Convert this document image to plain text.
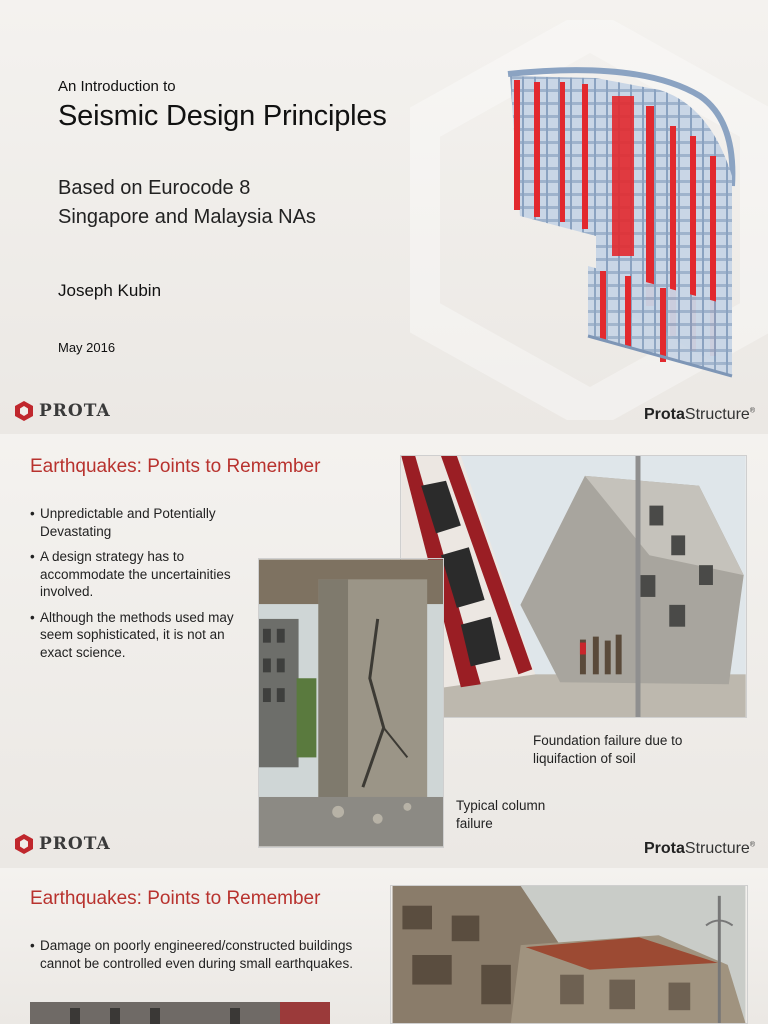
An Introduction to
Seismic Design Principles
Based on Eurocode 8
Singapore and Malaysia NAs
Joseph Kubin
May 2016
PROTA	ProtaStructure®
Earthquakes: Points to Remember
• Unpredictable and Potentially Devastating
• A design strategy has to accommodate the uncertainities involved.
• Although the methods used may seem sophisticated, it is not an exact science.
Foundation failure due to liquifaction of soil
Typical column failure
PROTA	ProtaStructure®
Earthquakes: Points to Remember
• Damage on poorly engineered/constructed buildings cannot be controlled even during small earthquakes.
